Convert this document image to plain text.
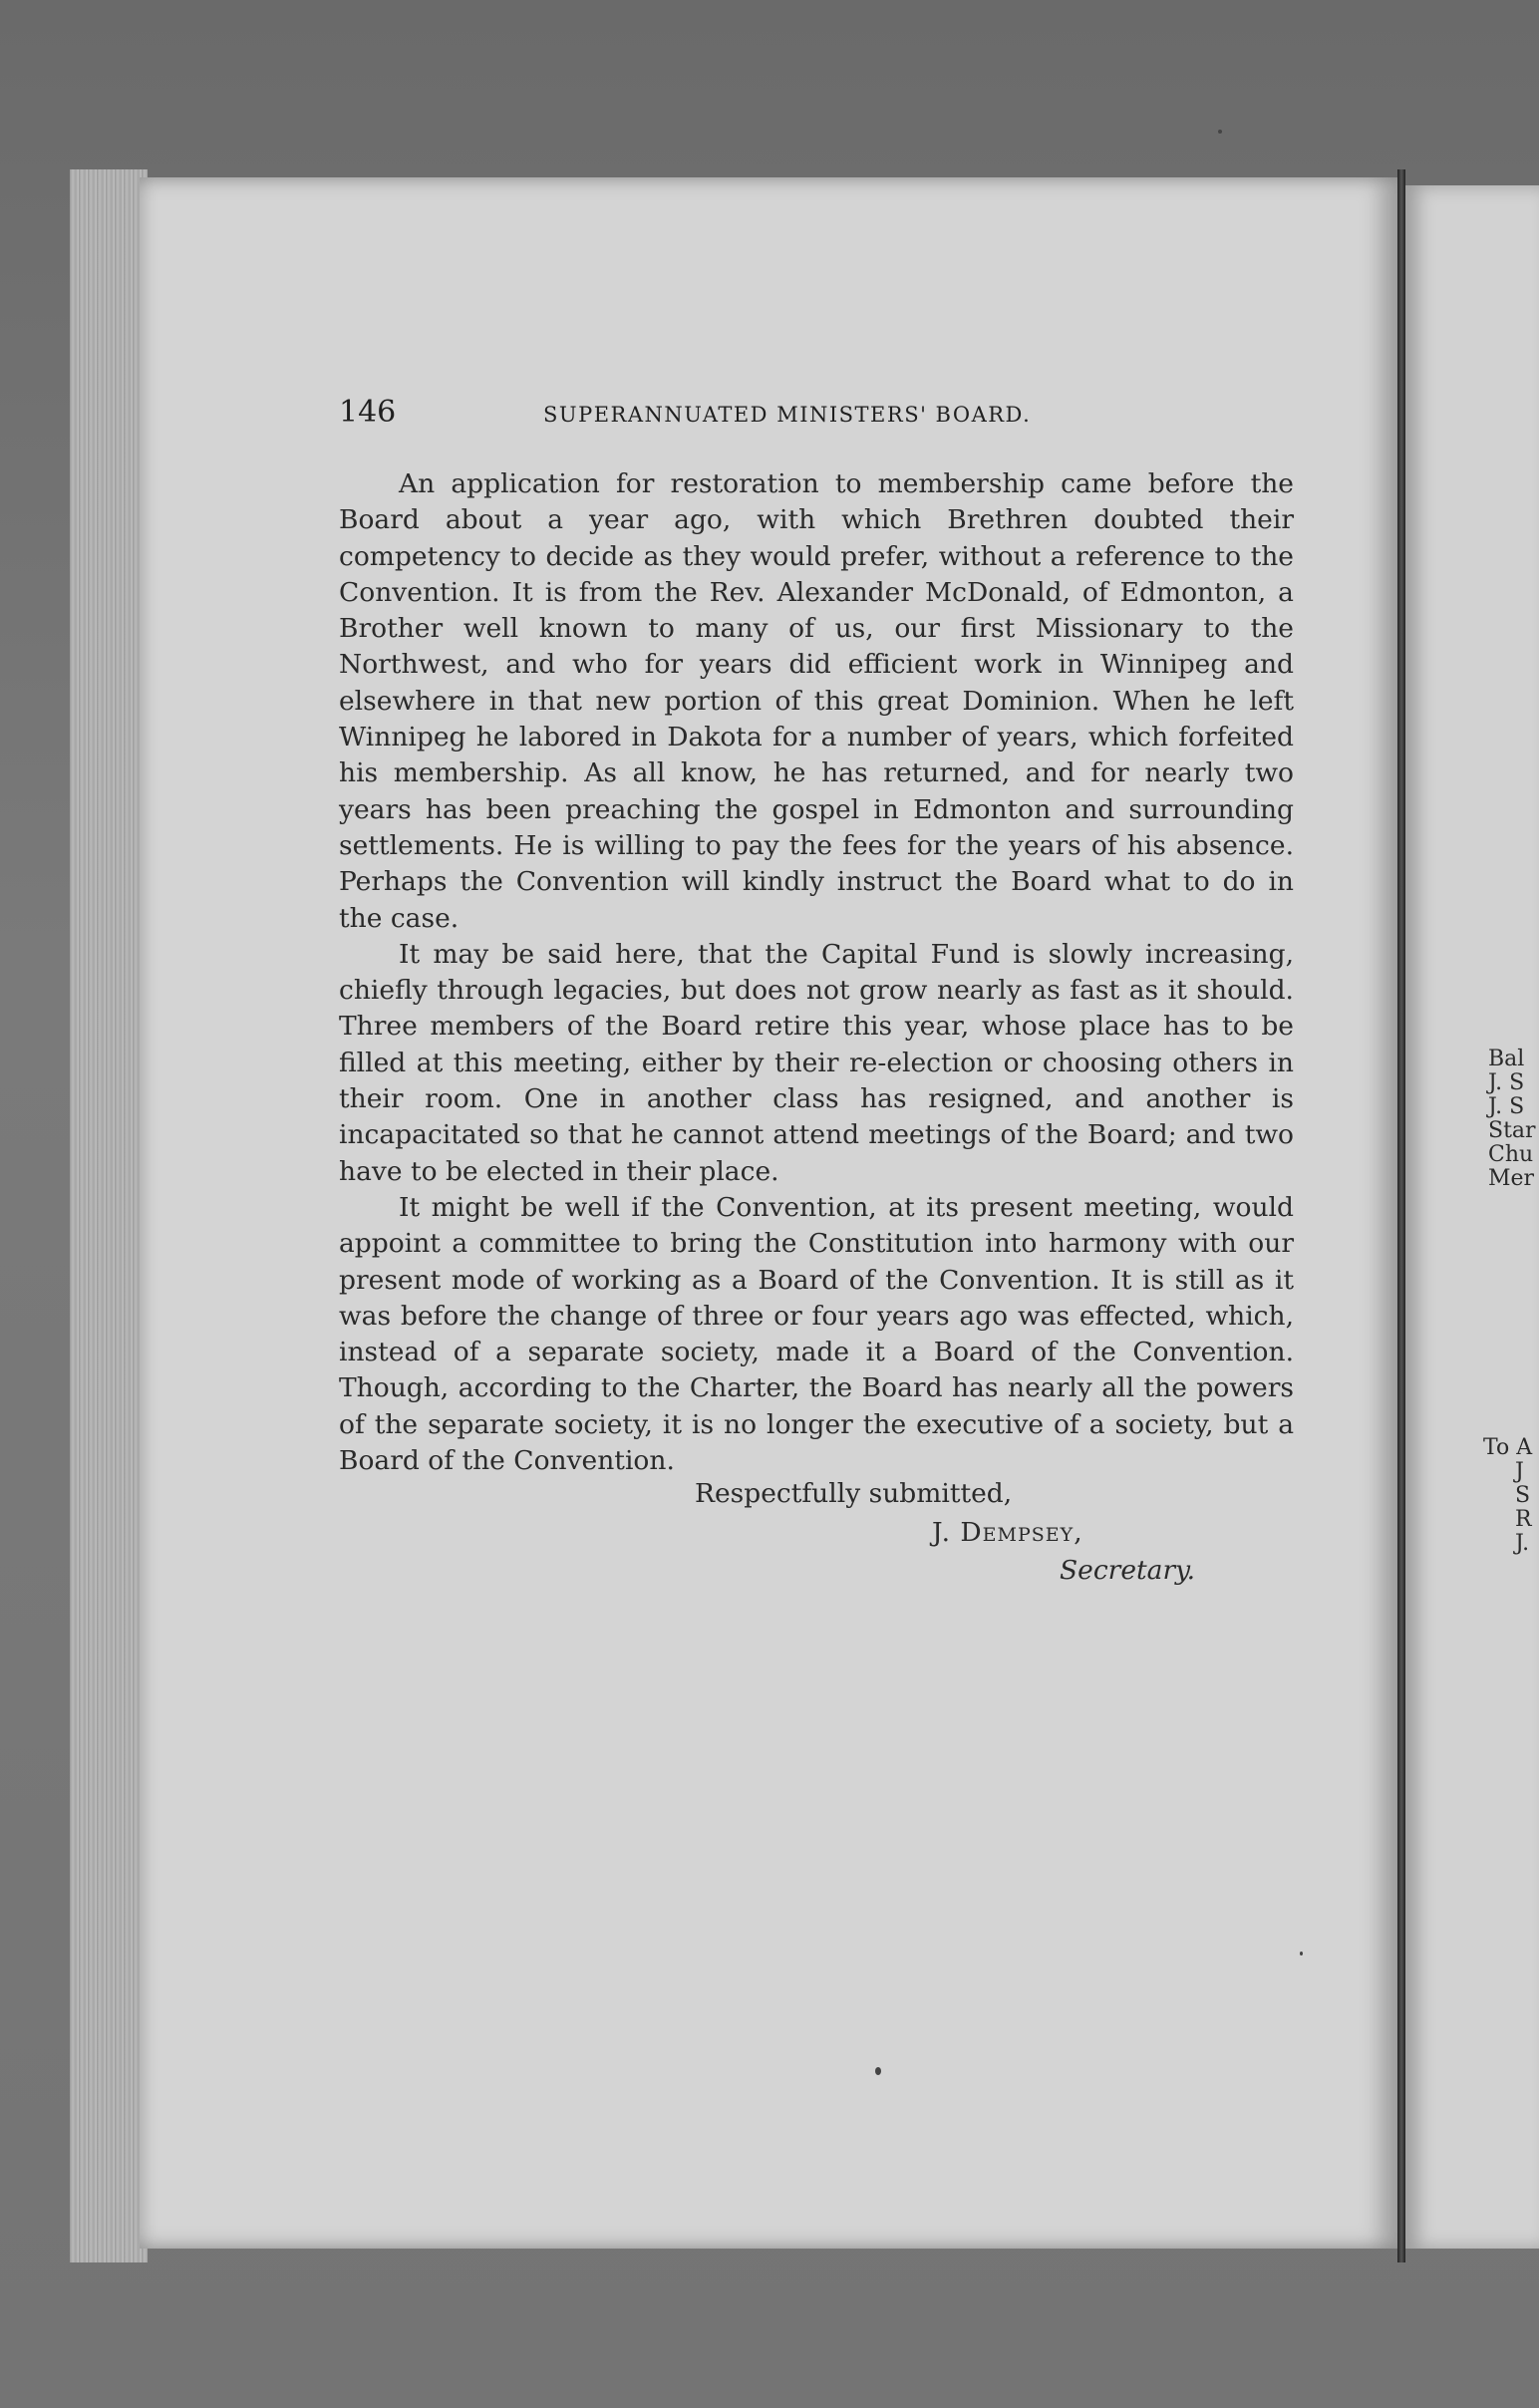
Bal
J. S
J. S
Star
Chu
Mer
To A
J
S
R
J.
146	SUPERANNUATED MINISTERS' BOARD.

An application for restoration to membership came before the Board about a year ago, with which Brethren doubted their competency to decide as they would prefer, without a reference to the Convention. It is from the Rev. Alexander McDonald, of Edmonton, a Brother well known to many of us, our first Missionary to the Northwest, and who for years did efficient work in Winnipeg and elsewhere in that new portion of this great Dominion. When he left Winnipeg he labored in Dakota for a number of years, which forfeited his membership. As all know, he has returned, and for nearly two years has been preaching the gospel in Edmonton and surrounding settlements. He is willing to pay the fees for the years of his absence. Perhaps the Convention will kindly instruct the Board what to do in the case.

It may be said here, that the Capital Fund is slowly increasing, chiefly through legacies, but does not grow nearly as fast as it should. Three members of the Board retire this year, whose place has to be filled at this meeting, either by their re-election or choosing others in their room. One in another class has resigned, and another is incapacitated so that he cannot attend meetings of the Board; and two have to be elected in their place.

It might be well if the Convention, at its present meeting, would appoint a committee to bring the Constitution into harmony with our present mode of working as a Board of the Convention. It is still as it was before the change of three or four years ago was effected, which, instead of a separate society, made it a Board of the Convention. Though, according to the Charter, the Board has nearly all the powers of the separate society, it is no longer the executive of a society, but a Board of the Convention.

Respectfully submitted,
J. Dempsey,
Secretary.
